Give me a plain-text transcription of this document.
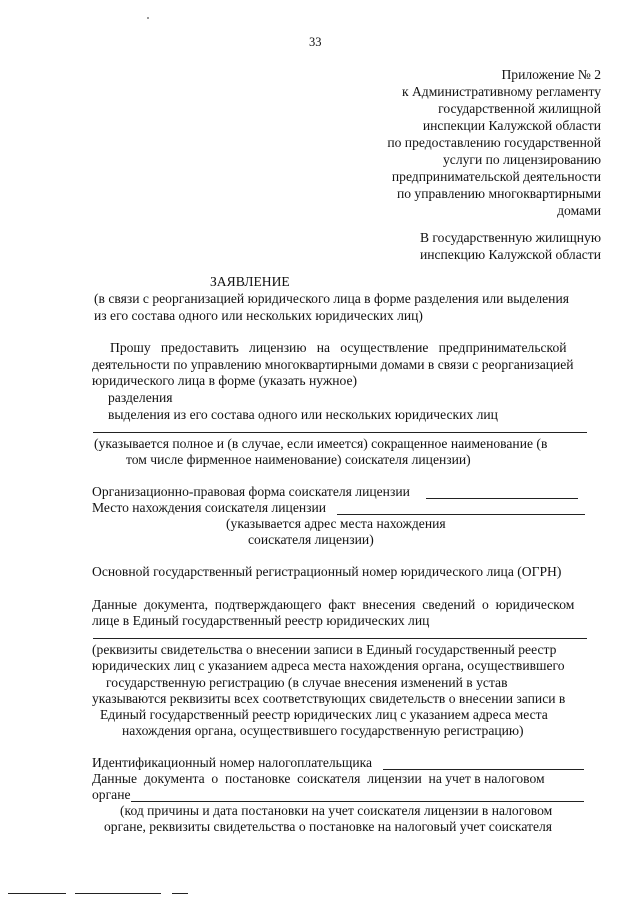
33
Приложение № 2
к Административному регламенту
государственной жилищной
инспекции Калужской области
по предоставлению государственной
услуги по лицензированию
предпринимательской деятельности
по управлению многоквартирными
домами
В государственную жилищную
инспекцию Калужской области
ЗАЯВЛЕНИЕ
(в связи с реорганизацией юридического лица в форме разделения или выделения
из его состава одного или нескольких юридических лиц)
Прошу   предоставить   лицензию   на   осуществление   предпринимательской
деятельности по управлению многоквартирными домами в связи с реорганизацией
юридического лица в форме (указать нужное)
разделения
выделения из его состава одного или нескольких юридических лиц
(указывается полное и (в случае, если имеется) сокращенное наименование (в
том числе фирменное наименование) соискателя лицензии)
Организационно-правовая форма соискателя лицензии
Место нахождения соискателя лицензии
(указывается адрес места нахождения
соискателя лицензии)
Основной государственный регистрационный номер юридического лица (ОГРН)
Данные  документа,  подтверждающего  факт  внесения  сведений  о  юридическом
лице в Единый государственный реестр юридических лиц
(реквизиты свидетельства о внесении записи в Единый государственный реестр
юридических лиц с указанием адреса места нахождения органа, осуществившего
государственную регистрацию (в случае внесения изменений в устав
указываются реквизиты всех соответствующих свидетельств о внесении записи в
Единый государственный реестр юридических лиц с указанием адреса места
нахождения органа, осуществившего государственную регистрацию)
Идентификационный номер налогоплательщика
Данные  документа  о  постановке  соискателя  лицензии  на учет в налоговом
органе
(код причины и дата постановки на учет соискателя лицензии в налоговом
органе, реквизиты свидетельства о постановке на налоговый учет соискателя
